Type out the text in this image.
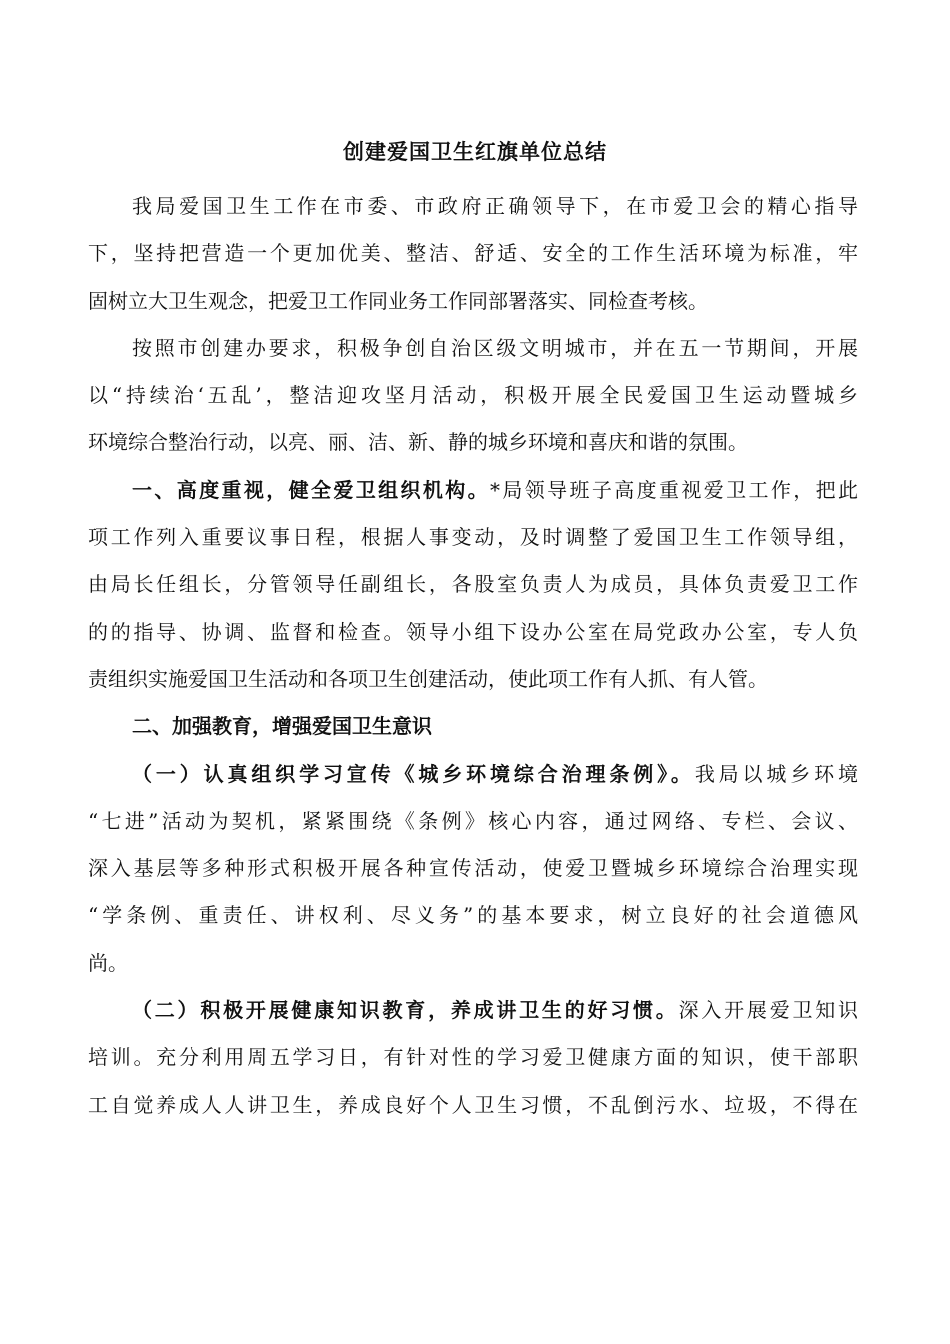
创建爱国卫生红旗单位总结
我局爱国卫生工作在市委、市政府正确领导下，在市爱卫会的精心指导
下，坚持把营造一个更加优美、整洁、舒适、安全的工作生活环境为标准，牢
固树立大卫生观念，把爱卫工作同业务工作同部署落实、同检查考核。
按照市创建办要求，积极争创自治区级文明城市，并在五一节期间，开展
以“持续治‘五乱’，整洁迎攻坚月活动，积极开展全民爱国卫生运动暨城乡
环境综合整治行动，以亮、丽、洁、新、静的城乡环境和喜庆和谐的氛围。
一、高度重视，健全爱卫组织机构。*局领导班子高度重视爱卫工作，把此
项工作列入重要议事日程，根据人事变动，及时调整了爱国卫生工作领导组，
由局长任组长，分管领导任副组长，各股室负责人为成员，具体负责爱卫工作
的的指导、协调、监督和检查。领导小组下设办公室在局党政办公室，专人负
责组织实施爱国卫生活动和各项卫生创建活动，使此项工作有人抓、有人管。
二、加强教育，增强爱国卫生意识
（一）认真组织学习宣传《城乡环境综合治理条例》。我局以城乡环境
“七进”活动为契机，紧紧围绕《条例》核心内容，通过网络、专栏、会议、
深入基层等多种形式积极开展各种宣传活动，使爱卫暨城乡环境综合治理实现
“学条例、重责任、讲权利、尽义务”的基本要求，树立良好的社会道德风
尚。
（二）积极开展健康知识教育，养成讲卫生的好习惯。深入开展爱卫知识
培训。充分利用周五学习日，有针对性的学习爱卫健康方面的知识，使干部职
工自觉养成人人讲卫生，养成良好个人卫生习惯，不乱倒污水、垃圾，不得在
